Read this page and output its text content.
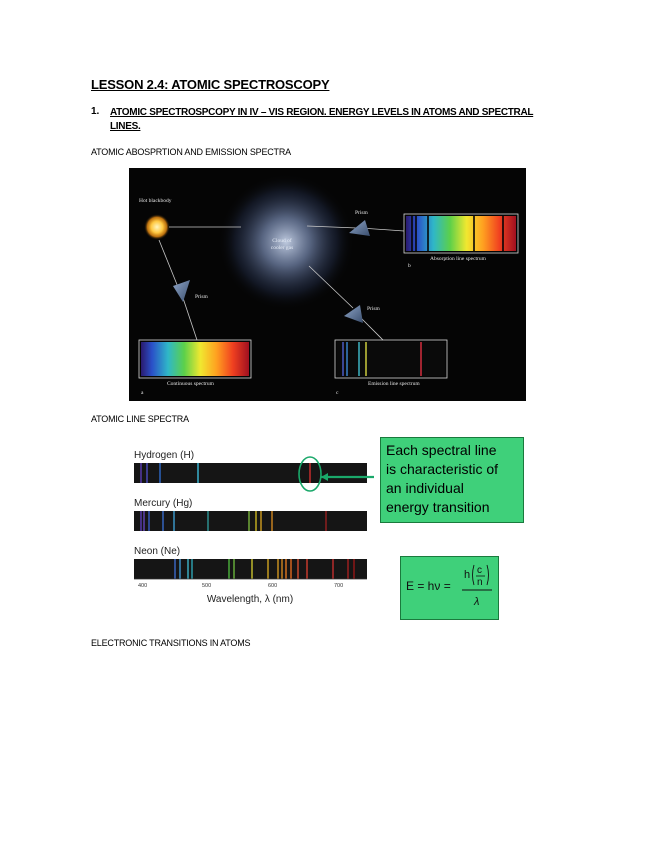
LESSON 2.4: ATOMIC SPECTROSCOPY
1. ATOMIC SPECTROSPCOPY IN IV – VIS REGION. ENERGY LEVELS IN ATOMS AND SPECTRAL LINES.
ATOMIC ABOSPRTION AND EMISSION SPECTRA
Cloud of
cooler gas
Hot blackbody
Prism
Prism
Prism
b
Absorption line spectrum
a
Continuous spectrum
c
Emission line spectrum
ATOMIC LINE SPECTRA
Hydrogen (H)
Mercury (Hg)
Neon (Ne)
400	500	600	700
Wavelength, λ (nm)
Each spectral line
is characteristic of
an individual
energy transition
E = hν =
h c
n
λ
ELECTRONIC TRANSITIONS IN ATOMS
